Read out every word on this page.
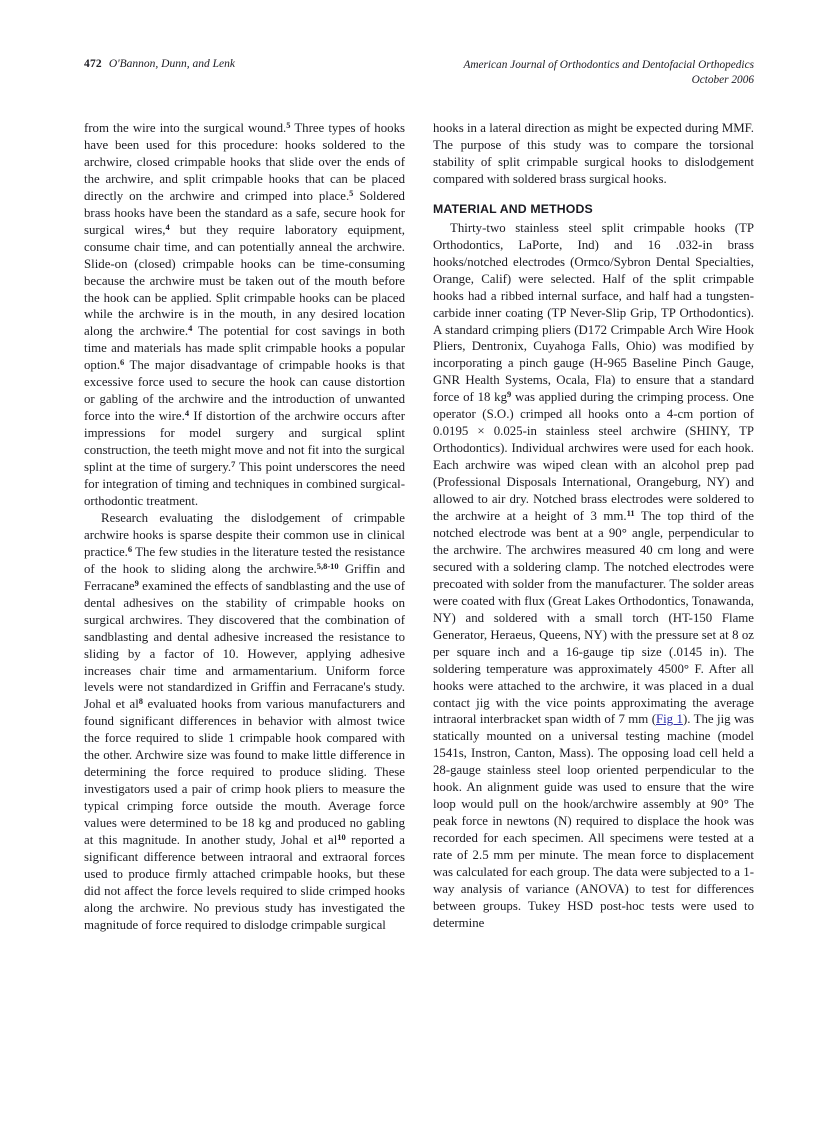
472 O'Bannon, Dunn, and Lenk	American Journal of Orthodontics and Dentofacial Orthopedics
October 2006

from the wire into the surgical wound.$^5$ Three types of hooks have been used for this procedure: hooks soldered to the archwire, closed crimpable hooks that slide over the ends of the archwire, and split crimpable hooks that can be placed directly on the archwire and crimped into place.$^5$ Soldered brass hooks have been the standard as a safe, secure hook for surgical wires,$^4$ but they require laboratory equipment, consume chair time, and can potentially anneal the archwire. Slide-on (closed) crimpable hooks can be time-consuming because the archwire must be taken out of the mouth before the hook can be applied. Split crimpable hooks can be placed while the archwire is in the mouth, in any desired location along the archwire.$^4$ The potential for cost savings in both time and materials has made split crimpable hooks a popular option.$^6$ The major disadvantage of crimpable hooks is that excessive force used to secure the hook can cause distortion or gabling of the archwire and the introduction of unwanted force into the wire.$^4$ If distortion of the archwire occurs after impressions for model surgery and surgical splint construction, the teeth might move and not fit into the surgical splint at the time of surgery.$^7$ This point underscores the need for integration of timing and techniques in combined surgical-orthodontic treatment.

Research evaluating the dislodgement of crimpable archwire hooks is sparse despite their common use in clinical practice.$^6$ The few studies in the literature tested the resistance of the hook to sliding along the archwire.$^{5,8-10}$ Griffin and Ferracane$^9$ examined the effects of sandblasting and the use of dental adhesives on the stability of crimpable hooks on surgical archwires. They discovered that the combination of sandblasting and dental adhesive increased the resistance to sliding by a factor of 10. However, applying adhesive increases chair time and armamentarium. Uniform force levels were not standardized in Griffin and Ferracane's study. Johal et $al^8$ evaluated hooks from various manufacturers and found significant differences in behavior with almost twice the force required to slide 1 crimpable hook compared with the other. Archwire size was found to make little difference in determining the force required to produce sliding. These investigators used a pair of crimp hook pliers to measure the typical crimping force outside the mouth. Average force values were determined to be 18 kg and produced no gabling at this magnitude. In another study, Johal et $al^{10}$ reported a significant difference between intraoral and extraoral forces used to produce firmly attached crimpable hooks, but these did not affect the force levels required to slide crimped hooks along the archwire. No previous study has investigated the magnitude of force required to dislodge crimpable surgical

hooks in a lateral direction as might be expected during MMF. The purpose of this study was to compare the torsional stability of split crimpable surgical hooks to dislodgement compared with soldered brass surgical hooks.

MATERIAL AND METHODS

Thirty-two stainless steel split crimpable hooks (TP Orthodontics, LaPorte, Ind) and 16 .032-in brass hooks/notched electrodes (Ormco/Sybron Dental Specialties, Orange, Calif) were selected. Half of the split crimpable hooks had a ribbed internal surface, and half had a tungsten-carbide inner coating (TP Never-Slip Grip, TP Orthodontics). A standard crimping pliers (D172 Crimpable Arch Wire Hook Pliers, Dentronix, Cuyahoga Falls, Ohio) was modified by incorporating a pinch gauge (H-965 Baseline Pinch Gauge, GNR Health Systems, Ocala, Fla) to ensure that a standard force of 18 $kg^9$ was applied during the crimping process. One operator (S.O.) crimped all hooks onto a 4-cm portion of 0.0195 × 0.025-in stainless steel archwire (SHINY, TP Orthodontics). Individual archwires were used for each hook. Each archwire was wiped clean with an alcohol prep pad (Professional Disposals International, Orangeburg, NY) and allowed to air dry. Notched brass electrodes were soldered to the archwire at a height of 3 mm.$^{11}$ The top third of the notched electrode was bent at a 90° angle, perpendicular to the archwire. The archwires measured 40 cm long and were secured with a soldering clamp. The notched electrodes were precoated with solder from the manufacturer. The solder areas were coated with flux (Great Lakes Orthodontics, Tonawanda, NY) and soldered with a small torch (HT-150 Flame Generator, Heraeus, Queens, NY) with the pressure set at 8 oz per square inch and a 16-gauge tip size (.0145 in). The soldering temperature was approximately 4500° F. After all hooks were attached to the archwire, it was placed in a dual contact jig with the vice points approximating the average intraoral interbracket span width of 7 mm (Fig 1). The jig was statically mounted on a universal testing machine (model 1541s, Instron, Canton, Mass). The opposing load cell held a 28-gauge stainless steel loop oriented perpendicular to the hook. An alignment guide was used to ensure that the wire loop would pull on the hook/archwire assembly at 90° The peak force in newtons (N) required to displace the hook was recorded for each specimen. All specimens were tested at a rate of 2.5 mm per minute. The mean force to displacement was calculated for each group. The data were subjected to a 1-way analysis of variance (ANOVA) to test for differences between groups. Tukey HSD post-hoc tests were used to determine
